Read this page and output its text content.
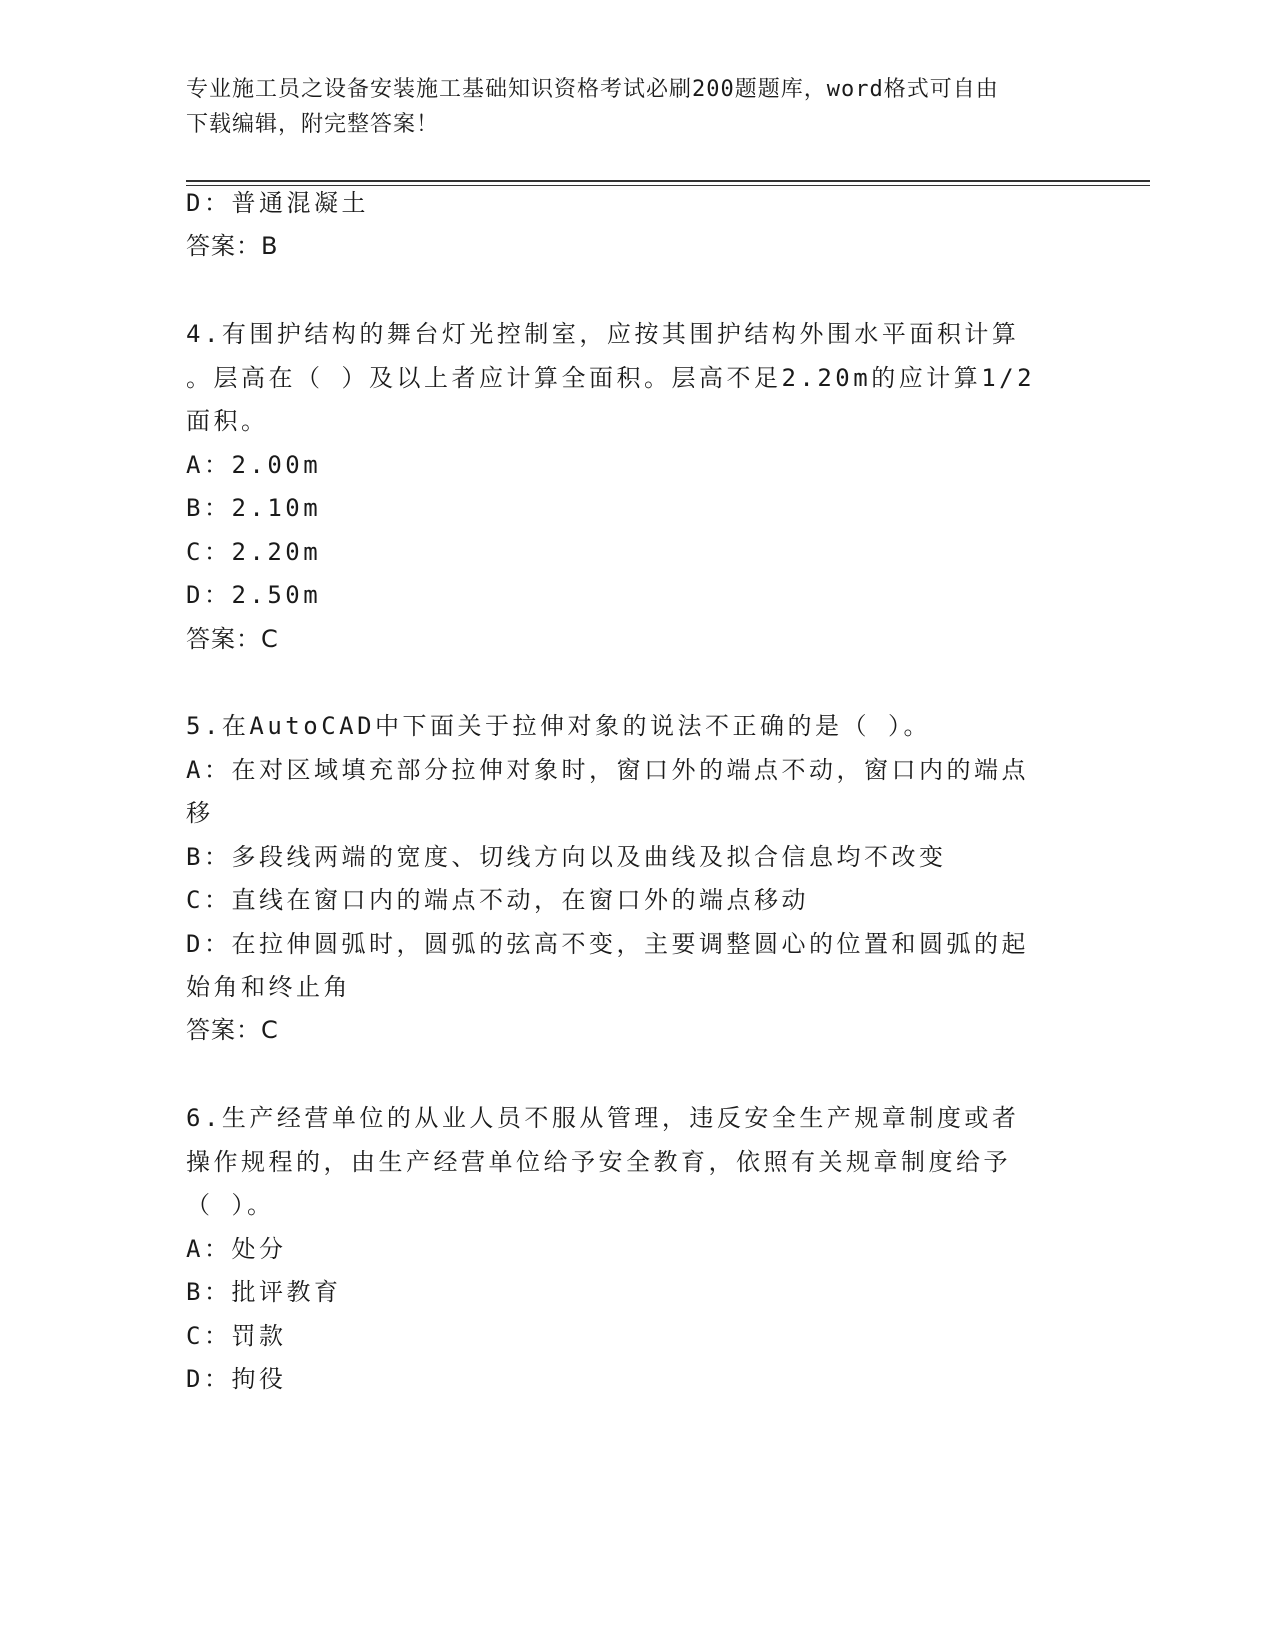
专业施工员之设备安装施工基础知识资格考试必刷200题题库，word格式可自由
下载编辑，附完整答案！
D：普通混凝土
答案：B
4.有围护结构的舞台灯光控制室，应按其围护结构外围水平面积计算
。层高在（ ）及以上者应计算全面积。层高不足2.20m的应计算1/2
面积。
A：2.00m
B：2.10m
C：2.20m
D：2.50m
答案：C
5.在AutoCAD中下面关于拉伸对象的说法不正确的是（ ）。
A：在对区域填充部分拉伸对象时，窗口外的端点不动，窗口内的端点
移
B：多段线两端的宽度、切线方向以及曲线及拟合信息均不改变
C：直线在窗口内的端点不动，在窗口外的端点移动
D：在拉伸圆弧时，圆弧的弦高不变，主要调整圆心的位置和圆弧的起
始角和终止角
答案：C
6.生产经营单位的从业人员不服从管理，违反安全生产规章制度或者
操作规程的，由生产经营单位给予安全教育，依照有关规章制度给予
（ ）。
A：处分
B：批评教育
C：罚款
D：拘役
